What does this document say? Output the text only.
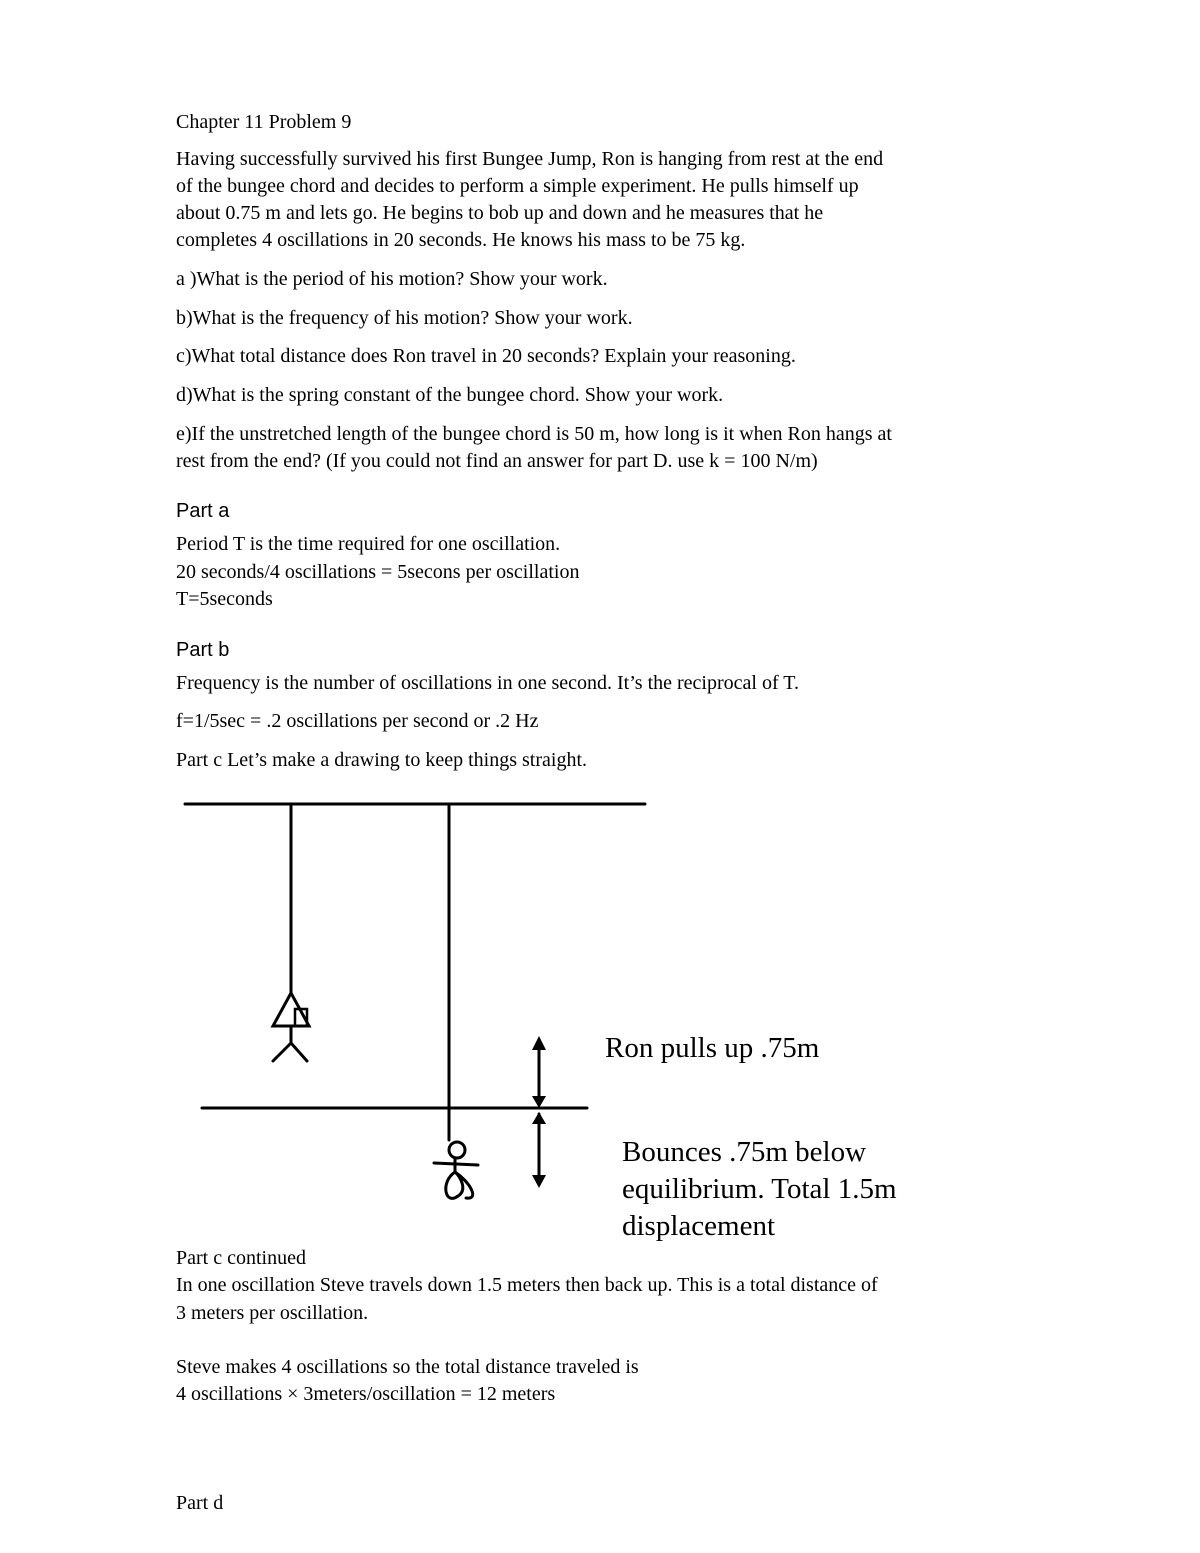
Chapter 11 Problem 9
Having successfully survived his first Bungee Jump, Ron is hanging from rest at the end
of the bungee chord and decides to perform a simple experiment. He pulls himself up
about 0.75 m and lets go. He begins to bob up and down and he measures that he
completes 4 oscillations in 20 seconds. He knows his mass to be 75 kg.
a )What is the period of his motion? Show your work.
b)What is the frequency of his motion? Show your work.
c)What total distance does Ron travel in 20 seconds? Explain your reasoning.
d)What is the spring constant of the bungee chord. Show your work.
e)If the unstretched length of the bungee chord is 50 m, how long is it when Ron hangs at
rest from the end? (If you could not find an answer for part D. use k = 100 N/m)
Part a
Period T is the time required for one oscillation.
20 seconds/4 oscillations = 5secons per oscillation
T=5seconds
Part b
Frequency is the number of oscillations in one second. It’s the reciprocal of T.
f=1/5sec = .2 oscillations per second or .2 Hz
Part c Let’s make a drawing to keep things straight.
Ron pulls up .75m
Bounces .75m below
equilibrium. Total 1.5m
displacement
Part c continued
In one oscillation Steve travels down 1.5 meters then back up. This is a total distance of
3 meters per oscillation.
Steve makes 4 oscillations so the total distance traveled is
4 oscillations × 3meters/oscillation = 12 meters
Part d
